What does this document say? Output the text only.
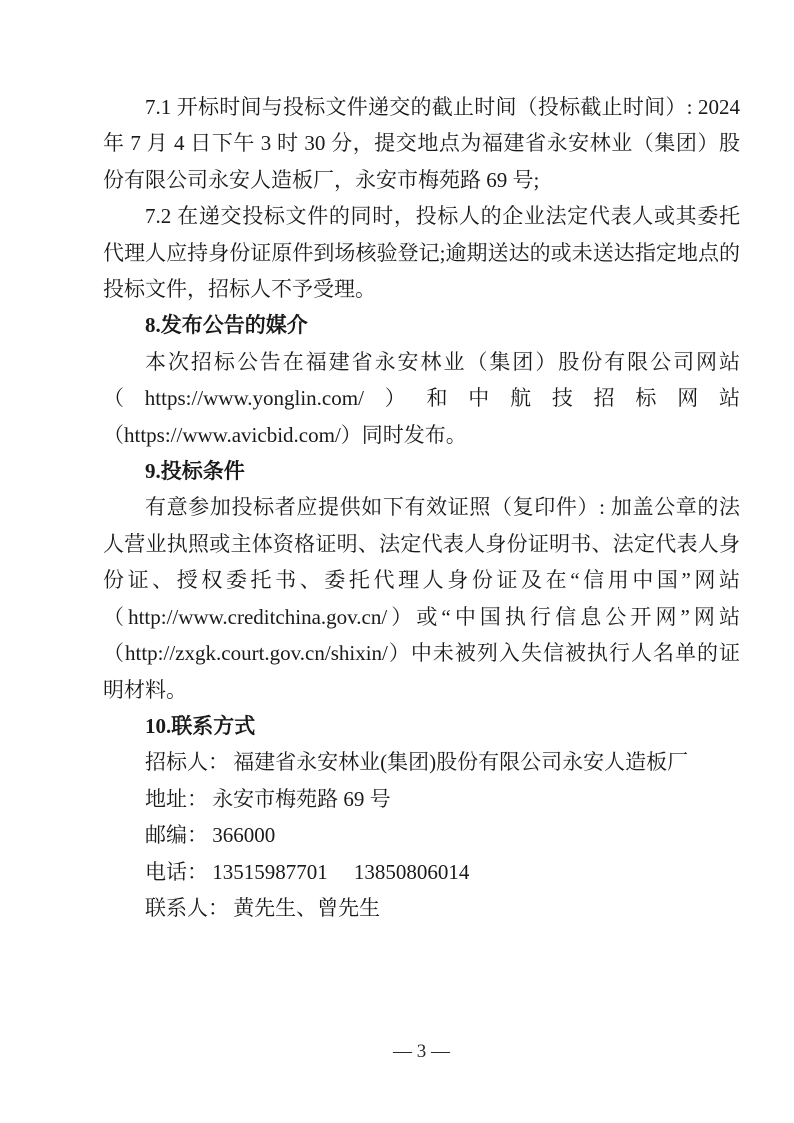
7.1 开标时间与投标文件递交的截止时间（投标截止时间）: 2024 年 7 月 4 日下午 3 时 30 分，提交地点为福建省永安林业（集团）股份有限公司永安人造板厂，永安市梅苑路 69 号;

7.2 在递交投标文件的同时，投标人的企业法定代表人或其委托代理人应持身份证原件到场核验登记;逾期送达的或未送达指定地点的投标文件，招标人不予受理。

8.发布公告的媒介

本次招标公告在福建省永安林业（集团）股份有限公司网站（https://www.yonglin.com/）和中航技招标网站（https://www.avicbid.com/）同时发布。

9.投标条件

有意参加投标者应提供如下有效证照（复印件）: 加盖公章的法人营业执照或主体资格证明、法定代表人身份证明书、法定代表人身份证、授权委托书、委托代理人身份证及在“信用中国”网站（http://www.creditchina.gov.cn/）或“中国执行信息公开网”网站（http://zxgk.court.gov.cn/shixin/）中未被列入失信被执行人名单的证明材料。

10.联系方式
招标人： 福建省永安林业(集团)股份有限公司永安人造板厂
地址： 永安市梅苑路 69 号
邮编： 366000
电话： 13515987701　 13850806014
联系人： 黄先生、曾先生
— 3 —
